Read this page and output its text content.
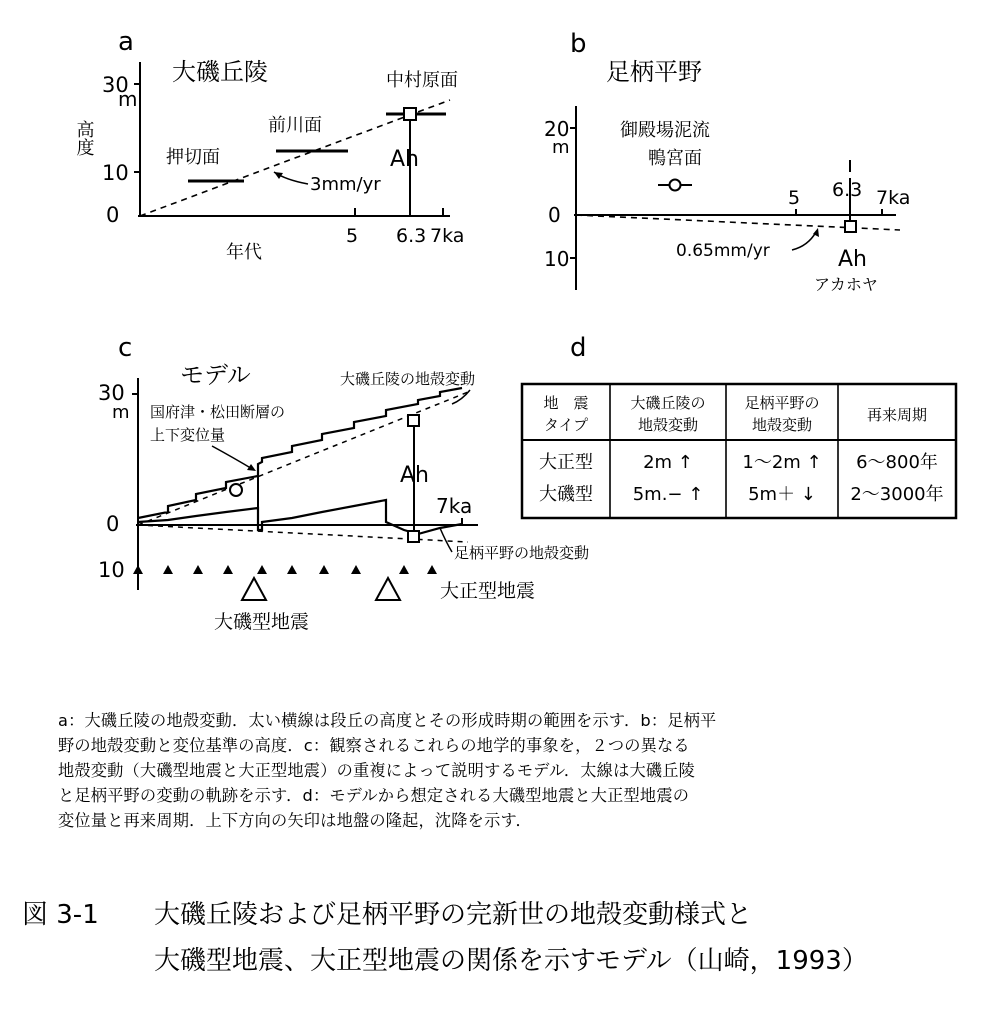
a
大磯丘陵
高度
m
30
10
0
5 6.3 7ka
年代
押切面
前川面
中村原面
Ah
3mm/yr
b
足柄平野
20
m
0
10
5 6.3 7ka
御殿場泥流
鴨宮面
Ah
アカホヤ
0.65mm/yr
c
モデル
30
m
0
10
7ka
Ah
国府津・松田断層の
上下変位量
大磯丘陵の地殻変動
足柄平野の地殻変動
大正型地震
大磯型地震
d
地　震
タイプ
大磯丘陵の
地殻変動
足柄平野の
地殻変動
再来周期
大正型	2m ↑	1〜2m ↑ 6〜800年
大磯型 5m.− ↑ 5m＋ ↓ 2〜3000年

a：大磯丘陵の地殻変動．太い横線は段丘の高度とその形成時期の範囲を示す．b：足柄平

野の地殻変動と変位基準の高度．c：観察されるこれらの地学的事象を，２つの異なる

地殻変動（大磯型地震と大正型地震）の重複によって説明するモデル．太線は大磯丘陵

と足柄平野の変動の軌跡を示す．d：モデルから想定される大磯型地震と大正型地震の

変位量と再来周期．上下方向の矢印は地盤の隆起，沈降を示す．

図 3-1 大磯丘陵および足柄平野の完新世の地殻変動様式と
大磯型地震、大正型地震の関係を示すモデル（山崎，1993）
